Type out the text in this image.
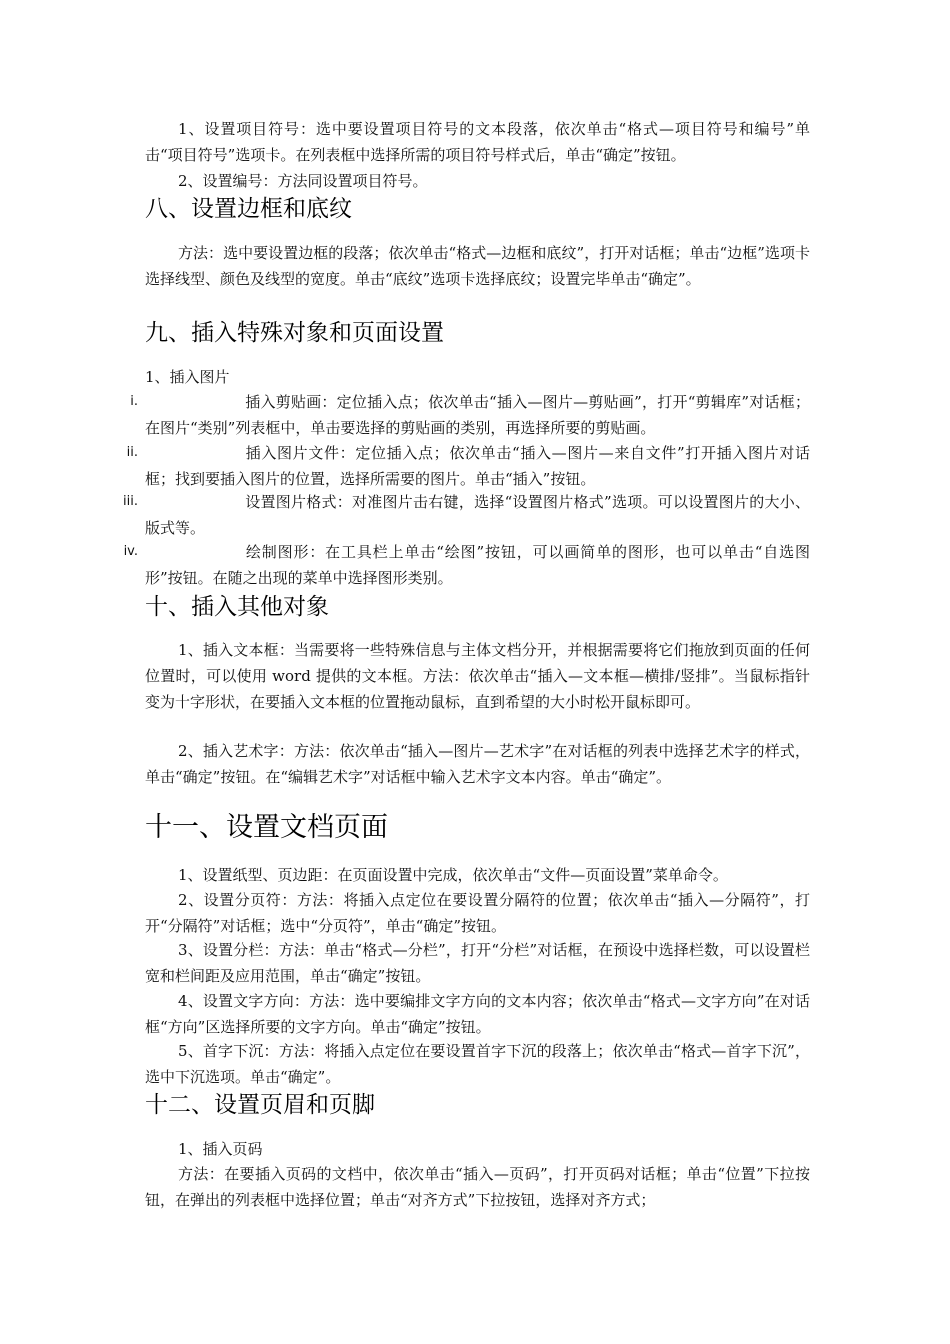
1、设置项目符号：选中要设置项目符号的文本段落，依次单击“格式—项目符号和编号”单击“项目符号”选项卡。在列表框中选择所需的项目符号样式后，单击“确定”按钮。

2、设置编号：方法同设置项目符号。

八、设置边框和底纹

方法：选中要设置边框的段落；依次单击“格式—边框和底纹”，打开对话框；单击“边框”选项卡选择线型、颜色及线型的宽度。单击“底纹”选项卡选择底纹；设置完毕单击“确定”。

九、插入特殊对象和页面设置

1、插入图片

i.	插入剪贴画：定位插入点；依次单击“插入—图片—剪贴画”，打开“剪辑库”对话框；在图片“类别”列表框中，单击要选择的剪贴画的类别，再选择所要的剪贴画。
ii.	插入图片文件：定位插入点；依次单击“插入—图片—来自文件”打开插入图片对话框；找到要插入图片的位置，选择所需要的图片。单击“插入”按钮。
iii.	设置图片格式：对准图片击右键，选择“设置图片格式”选项。可以设置图片的大小、版式等。
iv.	绘制图形：在工具栏上单击“绘图”按钮，可以画简单的图形，也可以单击“自选图形”按钮。在随之出现的菜单中选择图形类别。
十、插入其他对象

1、插入文本框：当需要将一些特殊信息与主体文档分开，并根据需要将它们拖放到页面的任何位置时，可以使用 word 提供的文本框。方法：依次单击“插入—文本框—横排/竖排”。当鼠标指针变为十字形状，在要插入文本框的位置拖动鼠标，直到希望的大小时松开鼠标即可。

2、插入艺术字：方法：依次单击“插入—图片—艺术字”在对话框的列表中选择艺术字的样式，单击“确定”按钮。在“编辑艺术字”对话框中输入艺术字文本内容。单击“确定”。

十一、设置文档页面

1、设置纸型、页边距：在页面设置中完成，依次单击“文件—页面设置”菜单命令。

2、设置分页符：方法：将插入点定位在要设置分隔符的位置；依次单击“插入—分隔符”，打开“分隔符”对话框；选中“分页符”，单击“确定”按钮。

3、设置分栏：方法：单击“格式—分栏”，打开“分栏”对话框，在预设中选择栏数，可以设置栏宽和栏间距及应用范围，单击“确定”按钮。

4、设置文字方向：方法：选中要编排文字方向的文本内容；依次单击“格式—文字方向”在对话框“方向”区选择所要的文字方向。单击“确定”按钮。

5、首字下沉：方法：将插入点定位在要设置首字下沉的段落上；依次单击“格式—首字下沉”，选中下沉选项。单击“确定”。

十二、设置页眉和页脚

1、插入页码

方法：在要插入页码的文档中，依次单击“插入—页码”，打开页码对话框；单击“位置”下拉按钮，在弹出的列表框中选择位置；单击“对齐方式”下拉按钮，选择对齐方式；
